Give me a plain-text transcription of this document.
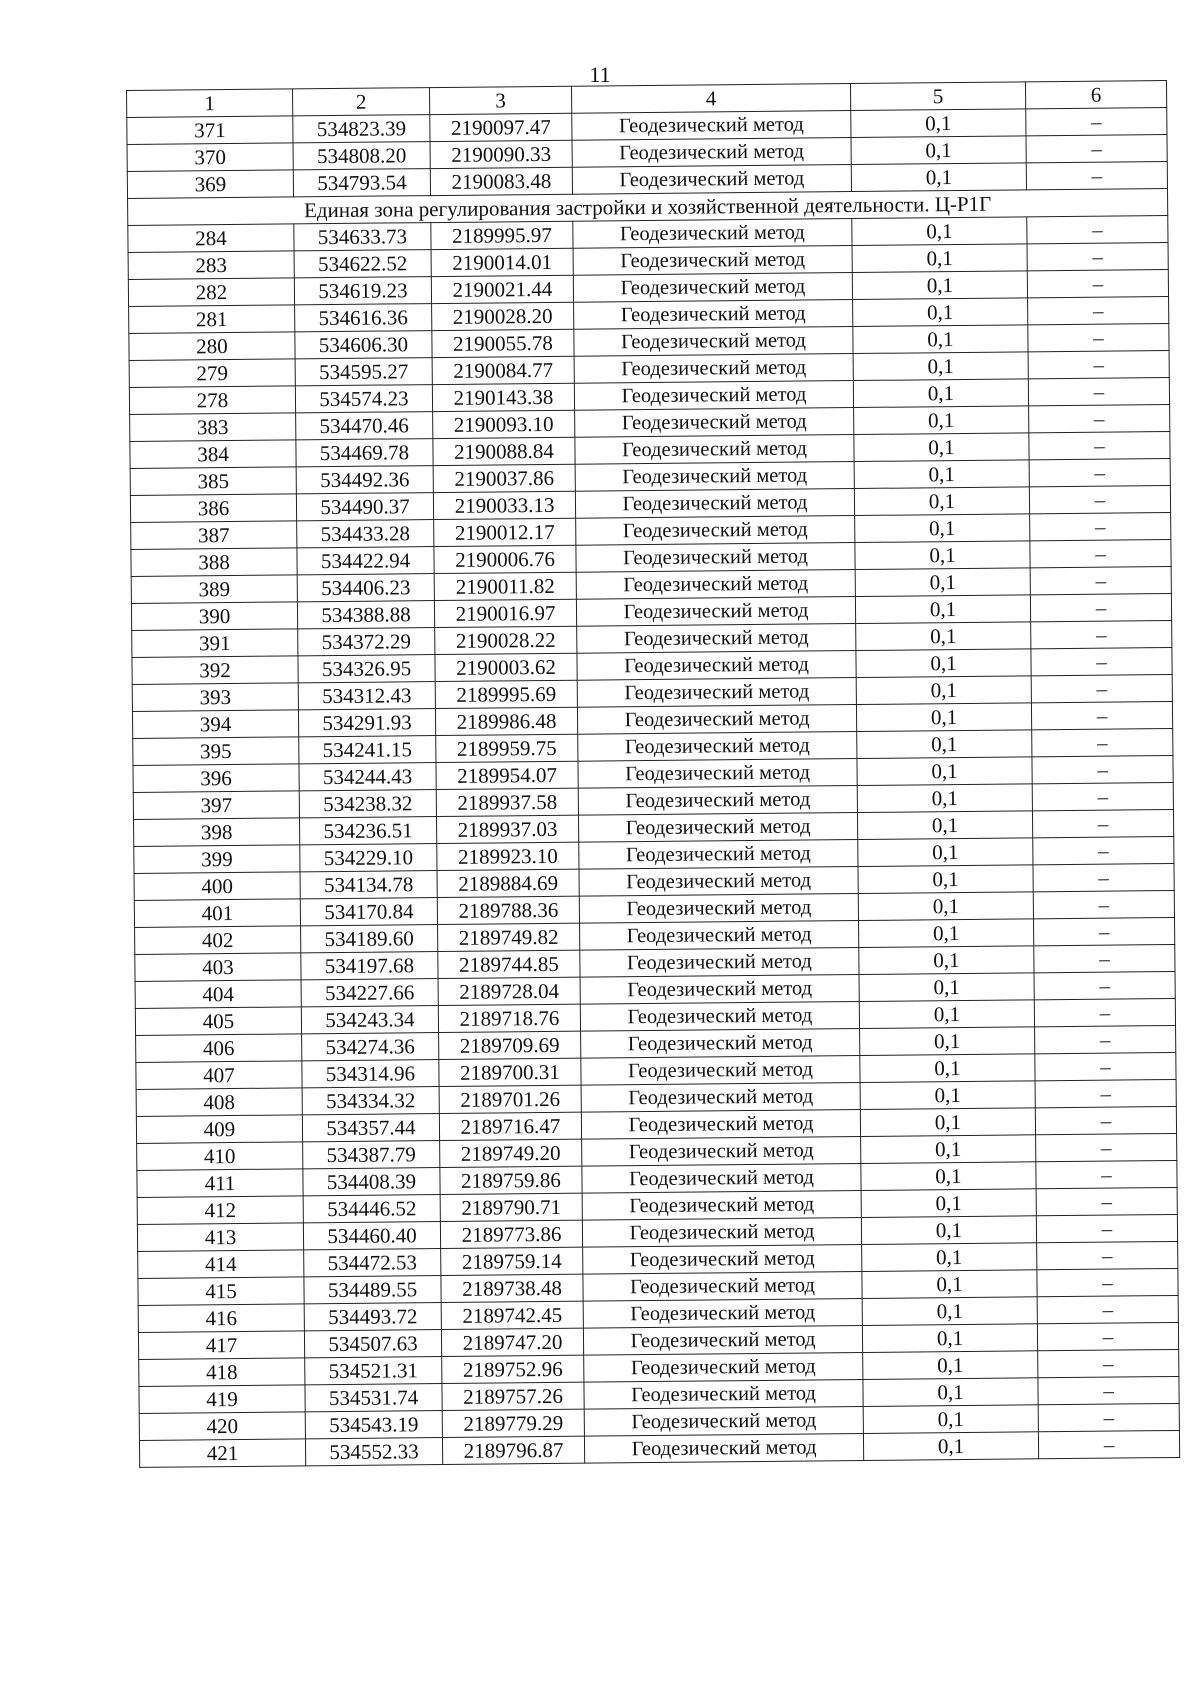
11
1	2	3	4	5	6
371	534823.39	2190097.47	Геодезический метод	0,1	–
370	534808.20	2190090.33	Геодезический метод	0,1	–
369	534793.54	2190083.48	Геодезический метод	0,1	–
Единая зона регулирования застройки и хозяйственной деятельности. Ц-Р1Г					
284	534633.73	2189995.97	Геодезический метод	0,1	–
283	534622.52	2190014.01	Геодезический метод	0,1	–
282	534619.23	2190021.44	Геодезический метод	0,1	–
281	534616.36	2190028.20	Геодезический метод	0,1	–
280	534606.30	2190055.78	Геодезический метод	0,1	–
279	534595.27	2190084.77	Геодезический метод	0,1	–
278	534574.23	2190143.38	Геодезический метод	0,1	–
383	534470.46	2190093.10	Геодезический метод	0,1	–
384	534469.78	2190088.84	Геодезический метод	0,1	–
385	534492.36	2190037.86	Геодезический метод	0,1	–
386	534490.37	2190033.13	Геодезический метод	0,1	–
387	534433.28	2190012.17	Геодезический метод	0,1	–
388	534422.94	2190006.76	Геодезический метод	0,1	–
389	534406.23	2190011.82	Геодезический метод	0,1	–
390	534388.88	2190016.97	Геодезический метод	0,1	–
391	534372.29	2190028.22	Геодезический метод	0,1	–
392	534326.95	2190003.62	Геодезический метод	0,1	–
393	534312.43	2189995.69	Геодезический метод	0,1	–
394	534291.93	2189986.48	Геодезический метод	0,1	–
395	534241.15	2189959.75	Геодезический метод	0,1	–
396	534244.43	2189954.07	Геодезический метод	0,1	–
397	534238.32	2189937.58	Геодезический метод	0,1	–
398	534236.51	2189937.03	Геодезический метод	0,1	–
399	534229.10	2189923.10	Геодезический метод	0,1	–
400	534134.78	2189884.69	Геодезический метод	0,1	–
401	534170.84	2189788.36	Геодезический метод	0,1	–
402	534189.60	2189749.82	Геодезический метод	0,1	–
403	534197.68	2189744.85	Геодезический метод	0,1	–
404	534227.66	2189728.04	Геодезический метод	0,1	–
405	534243.34	2189718.76	Геодезический метод	0,1	–
406	534274.36	2189709.69	Геодезический метод	0,1	–
407	534314.96	2189700.31	Геодезический метод	0,1	–
408	534334.32	2189701.26	Геодезический метод	0,1	–
409	534357.44	2189716.47	Геодезический метод	0,1	–
410	534387.79	2189749.20	Геодезический метод	0,1	–
411	534408.39	2189759.86	Геодезический метод	0,1	–
412	534446.52	2189790.71	Геодезический метод	0,1	–
413	534460.40	2189773.86	Геодезический метод	0,1	–
414	534472.53	2189759.14	Геодезический метод	0,1	–
415	534489.55	2189738.48	Геодезический метод	0,1	–
416	534493.72	2189742.45	Геодезический метод	0,1	–
417	534507.63	2189747.20	Геодезический метод	0,1	–
418	534521.31	2189752.96	Геодезический метод	0,1	–
419	534531.74	2189757.26	Геодезический метод	0,1	–
420	534543.19	2189779.29	Геодезический метод	0,1	–
421	534552.33	2189796.87	Геодезический метод	0,1	–
